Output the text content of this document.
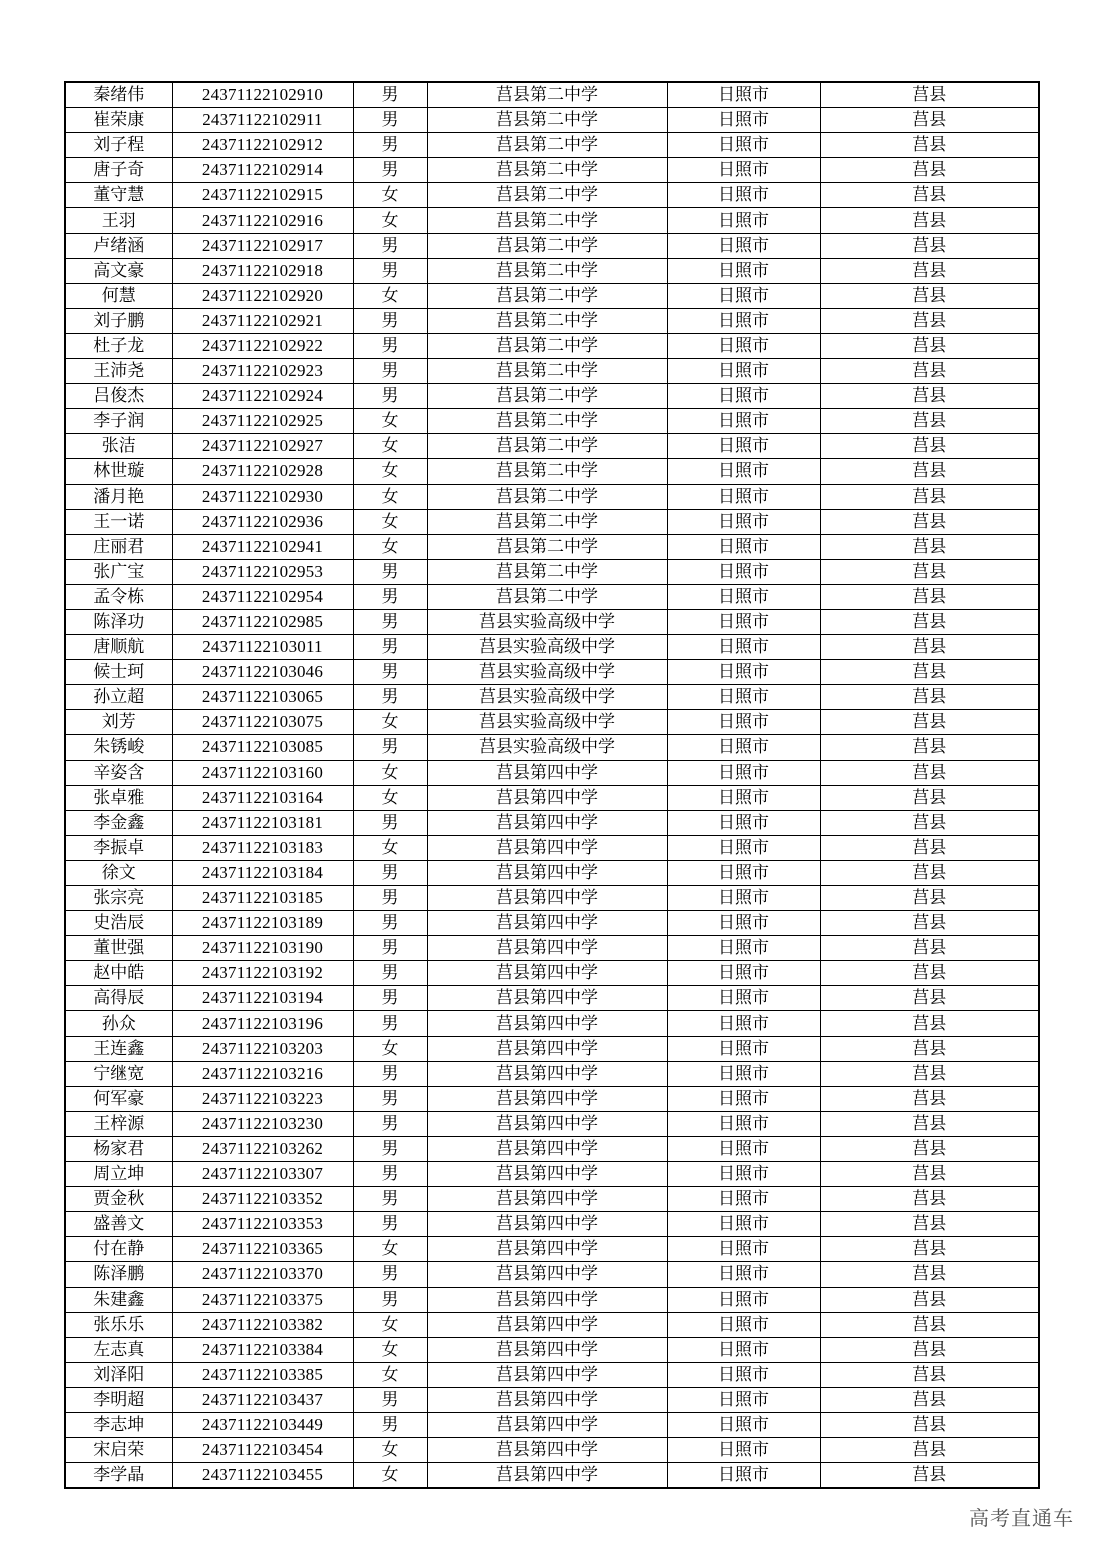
秦绪伟	24371122102910	男	莒县第二中学	日照市	莒县
崔荣康	24371122102911	男	莒县第二中学	日照市	莒县
刘子程	24371122102912	男	莒县第二中学	日照市	莒县
唐子奇	24371122102914	男	莒县第二中学	日照市	莒县
董守慧	24371122102915	女	莒县第二中学	日照市	莒县
王羽	24371122102916	女	莒县第二中学	日照市	莒县
卢绪涵	24371122102917	男	莒县第二中学	日照市	莒县
高文豪	24371122102918	男	莒县第二中学	日照市	莒县
何慧	24371122102920	女	莒县第二中学	日照市	莒县
刘子鹏	24371122102921	男	莒县第二中学	日照市	莒县
杜子龙	24371122102922	男	莒县第二中学	日照市	莒县
王沛尧	24371122102923	男	莒县第二中学	日照市	莒县
吕俊杰	24371122102924	男	莒县第二中学	日照市	莒县
李子润	24371122102925	女	莒县第二中学	日照市	莒县
张洁	24371122102927	女	莒县第二中学	日照市	莒县
林世璇	24371122102928	女	莒县第二中学	日照市	莒县
潘月艳	24371122102930	女	莒县第二中学	日照市	莒县
王一诺	24371122102936	女	莒县第二中学	日照市	莒县
庄丽君	24371122102941	女	莒县第二中学	日照市	莒县
张广宝	24371122102953	男	莒县第二中学	日照市	莒县
孟令栋	24371122102954	男	莒县第二中学	日照市	莒县
陈泽功	24371122102985	男	莒县实验高级中学	日照市	莒县
唐顺航	24371122103011	男	莒县实验高级中学	日照市	莒县
候士珂	24371122103046	男	莒县实验高级中学	日照市	莒县
孙立超	24371122103065	男	莒县实验高级中学	日照市	莒县
刘芳	24371122103075	女	莒县实验高级中学	日照市	莒县
朱锈峻	24371122103085	男	莒县实验高级中学	日照市	莒县
辛姿含	24371122103160	女	莒县第四中学	日照市	莒县
张卓雅	24371122103164	女	莒县第四中学	日照市	莒县
李金鑫	24371122103181	男	莒县第四中学	日照市	莒县
李振卓	24371122103183	女	莒县第四中学	日照市	莒县
徐文	24371122103184	男	莒县第四中学	日照市	莒县
张宗亮	24371122103185	男	莒县第四中学	日照市	莒县
史浩辰	24371122103189	男	莒县第四中学	日照市	莒县
董世强	24371122103190	男	莒县第四中学	日照市	莒县
赵中皓	24371122103192	男	莒县第四中学	日照市	莒县
高得辰	24371122103194	男	莒县第四中学	日照市	莒县
孙众	24371122103196	男	莒县第四中学	日照市	莒县
王连鑫	24371122103203	女	莒县第四中学	日照市	莒县
宁继宽	24371122103216	男	莒县第四中学	日照市	莒县
何军豪	24371122103223	男	莒县第四中学	日照市	莒县
王梓源	24371122103230	男	莒县第四中学	日照市	莒县
杨家君	24371122103262	男	莒县第四中学	日照市	莒县
周立坤	24371122103307	男	莒县第四中学	日照市	莒县
贾金秋	24371122103352	男	莒县第四中学	日照市	莒县
盛善文	24371122103353	男	莒县第四中学	日照市	莒县
付在静	24371122103365	女	莒县第四中学	日照市	莒县
陈泽鹏	24371122103370	男	莒县第四中学	日照市	莒县
朱建鑫	24371122103375	男	莒县第四中学	日照市	莒县
张乐乐	24371122103382	女	莒县第四中学	日照市	莒县
左志真	24371122103384	女	莒县第四中学	日照市	莒县
刘泽阳	24371122103385	女	莒县第四中学	日照市	莒县
李明超	24371122103437	男	莒县第四中学	日照市	莒县
李志坤	24371122103449	男	莒县第四中学	日照市	莒县
宋启荣	24371122103454	女	莒县第四中学	日照市	莒县
李学晶	24371122103455	女	莒县第四中学	日照市	莒县
高考直通车
